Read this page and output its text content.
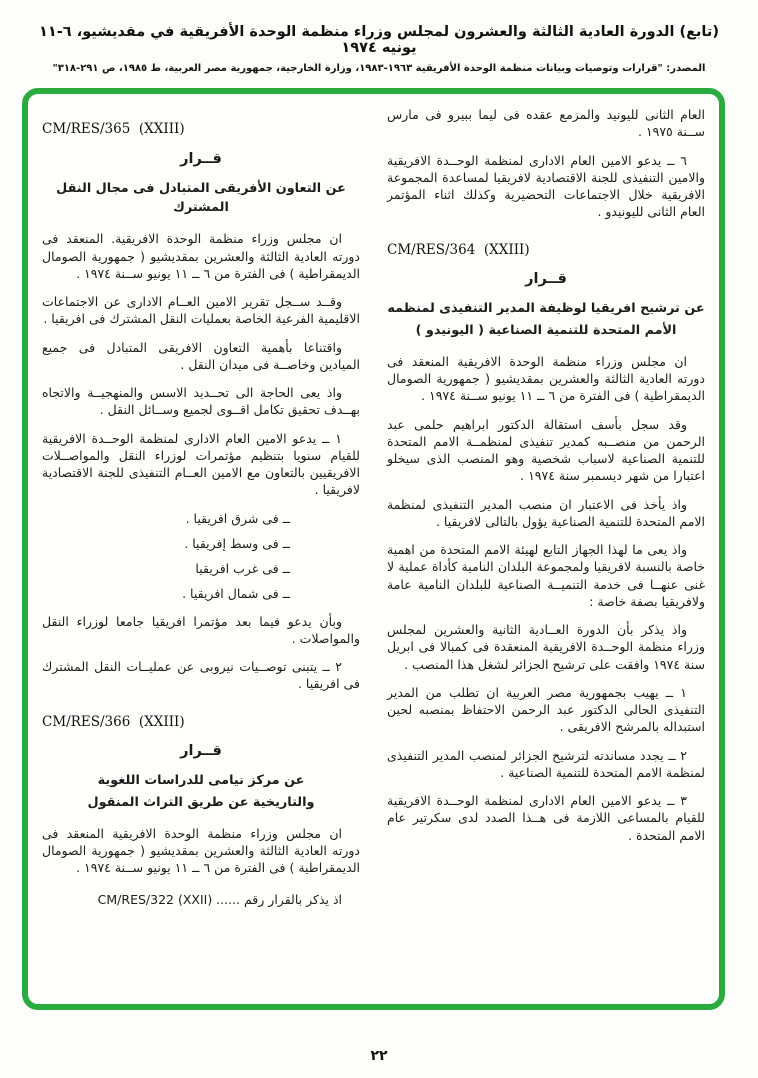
(تابع) الدورة العادية الثالثة والعشرون لمجلس وزراء منظمة الوحدة الأفريقية في مقديشيو، ٦-١١ يونيه ١٩٧٤
المصدر: "قرارات وتوصيات وبيانات منظمة الوحدة الأفريقية ١٩٦٣-١٩٨٣، وزارة الخارجية، جمهورية مصر العربية، ط ١٩٨٥، ص ٢٩١-٣١٨"

العام الثانى لليونيد والمزمع عقده فى ليما ببيرو فى مارس ســنة ١٩٧٥ .

٦ ــ يدعو الامين العام الادارى لمنظمة الوحــدة الافريقية والامين التنفيذى للجنة الاقتصادية لافريقيا لمساعدة المجموعة الافريقية خلال الاجتماعات التحضيرية وكذلك اثناء المؤتمر العام الثانى لليونيدو .

CM/RES/364  (XXIII)
قــرار
عن ترشيح افريقيا لوظيفة المدير التنفيذى لمنظمه
الأمم المتحدة للتنمية الصناعية ( اليونيدو )

ان مجلس وزراء منظمة الوحدة الافريقية المنعقد فى دورته العادية الثالثة والعشرين بمقديشيو ( جمهورية الصومال الديمقراطية ) فى الفترة من ٦ ــ ١١ يونيو ســنة ١٩٧٤ .

وقد سجل بأسف استقالة الدكتور ابراهيم حلمى عبد الرحمن من منصــبه كمدير تنفيذى لمنظمــة الامم المتحدة للتنمية الصناعية لاسباب شخصية وهو المنصب الذى سيخلو اعتبارا من شهر ديسمبر سنة ١٩٧٤ .

واذ يأخذ فى الاعتبار ان منصب المدير التنفيذى لمنظمة الامم المتحدة للتنمية الصناعية يؤول بالتالى لافريقيا .

واذ يعى ما لهذا الجهاز التابع لهيئة الامم المتحدة من اهمية خاصة بالنسبة لافريقيا ولمجموعة البلدان النامية كأداة عملية لا غنى عنهــا فى خدمة التنميــة الصناعية للبلدان النامية عامة ولافريقيا بصفة خاصة :

واذ يذكر بأن الدورة العــادية الثانية والعشرين لمجلس وزراء منظمة الوحــدة الافريقية المنعقدة فى كمبالا فى ابريل سنة ١٩٧٤ وافقت على ترشيح الجزائر لشغل هذا المنصب .

١ ــ يهيب بجمهورية مصر العربية ان تطلب من المدير التنفيذى الحالى الدكتور عبد الرحمن الاحتفاظ بمنصبه لحين استبداله بالمرشح الافريقى .

٢ ــ يجدد مساندته لترشيح الجزائر لمنصب المدير التنفيذى لمنظمة الامم المتحدة للتنمية الصناعية .

٣ ــ يدعو الامين العام الادارى لمنظمة الوحــدة الافريقية للقيام بالمساعى اللازمة فى هــذا الصدد لدى سكرتير عام الامم المتحدة .

CM/RES/365  (XXIII)
قــرار
عن التعاون الأفريقى المتبادل فى مجال النقل المشترك

ان مجلس وزراء منظمة الوحدة الافريقية. المنعقد فى دورته العادية الثالثة والعشرين بمقديشيو ( جمهورية الصومال الديمقراطية ) فى الفترة من ٦ ــ ١١ يونيو ســنة ١٩٧٤ .

وقــد ســجل تقرير الامين العــام الادارى عن الاجتماعات الاقليمية الفرعية الخاصة بعمليات النقل المشترك فى افريقيا .

واقتناعا بأهمية التعاون الافريقى المتبادل فى جميع الميادين وخاصــة فى ميدان النقل .

واذ يعى الحاجة الى تحــديد الاسس والمنهجيــة والاتجاه بهــدف تحقيق تكامل اقــوى لجميع وســائل النقل .

١ ــ يدعو الامين العام الادارى لمنظمة الوحــدة الافريقية للقيام سنويا بتنظيم مؤتمرات لوزراء النقل والمواصــلات الافريقيين بالتعاون مع الامين العــام التنفيذى للجنة الاقتصادية لافريقيا .

ــ فى شرق افريقيا .
ــ فى وسط إفريقيا .
ــ فى غرب افريقيا
ــ فى شمال افريقيا .

وبأن يدعو فيما بعد مؤتمرا افريقيا جامعا لوزراء النقل والمواصلات .

٢ ــ يتبنى توصــيات نيروبى عن عمليــات النقل المشترك فى افريقيا .

CM/RES/366  (XXIII)
قــرار
عن مركز نيامى للدراسات اللغوية
والتاريخية عن طريق التراث المنقول

ان مجلس وزراء منظمة الوحدة الافريقية المنعقد فى دورته العادية الثالثة والعشرين بمقديشيو ( جمهورية الصومال الديمقراطية ) فى الفترة من ٦ ــ ١١ يونيو ســنة ١٩٧٤ .

اذ يذكر بالقرار رقم ...... CM/RES/322 (XXII)

٢٢
